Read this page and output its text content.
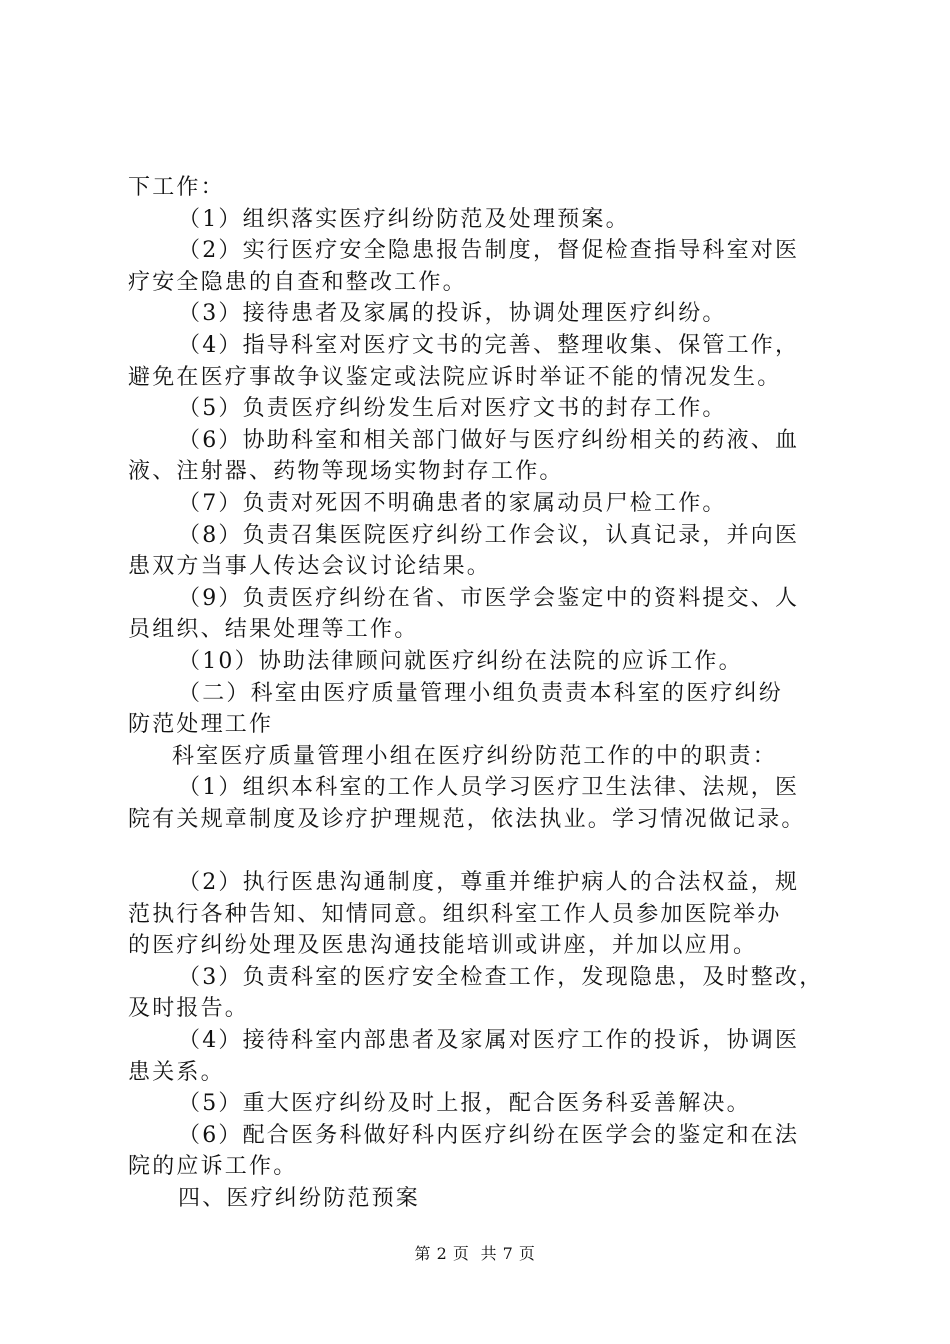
下工作：
（1）组织落实医疗纠纷防范及处理预案。
（2）实行医疗安全隐患报告制度，督促检查指导科室对医
疗安全隐患的自查和整改工作。
（3）接待患者及家属的投诉，协调处理医疗纠纷。
（4）指导科室对医疗文书的完善、整理收集、保管工作，
避免在医疗事故争议鉴定或法院应诉时举证不能的情况发生。
（5）负责医疗纠纷发生后对医疗文书的封存工作。
（6）协助科室和相关部门做好与医疗纠纷相关的药液、血
液、注射器、药物等现场实物封存工作。
（7）负责对死因不明确患者的家属动员尸检工作。
（8）负责召集医院医疗纠纷工作会议，认真记录，并向医
患双方当事人传达会议讨论结果。
（9）负责医疗纠纷在省、市医学会鉴定中的资料提交、人
员组织、结果处理等工作。
（10）协助法律顾问就医疗纠纷在法院的应诉工作。
（二）科室由医疗质量管理小组负责责本科室的医疗纠纷
防范处理工作
科室医疗质量管理小组在医疗纠纷防范工作的中的职责：
（1）组织本科室的工作人员学习医疗卫生法律、法规，医
院有关规章制度及诊疗护理规范，依法执业。学习情况做记录。
（2）执行医患沟通制度，尊重并维护病人的合法权益，规
范执行各种告知、知情同意。组织科室工作人员参加医院举办
的医疗纠纷处理及医患沟通技能培训或讲座，并加以应用。
（3）负责科室的医疗安全检查工作，发现隐患，及时整改，
及时报告。
（4）接待科室内部患者及家属对医疗工作的投诉，协调医
患关系。
（5）重大医疗纠纷及时上报，配合医务科妥善解决。
（6）配合医务科做好科内医疗纠纷在医学会的鉴定和在法
院的应诉工作。
四、医疗纠纷防范预案
第 2 页  共 7 页
